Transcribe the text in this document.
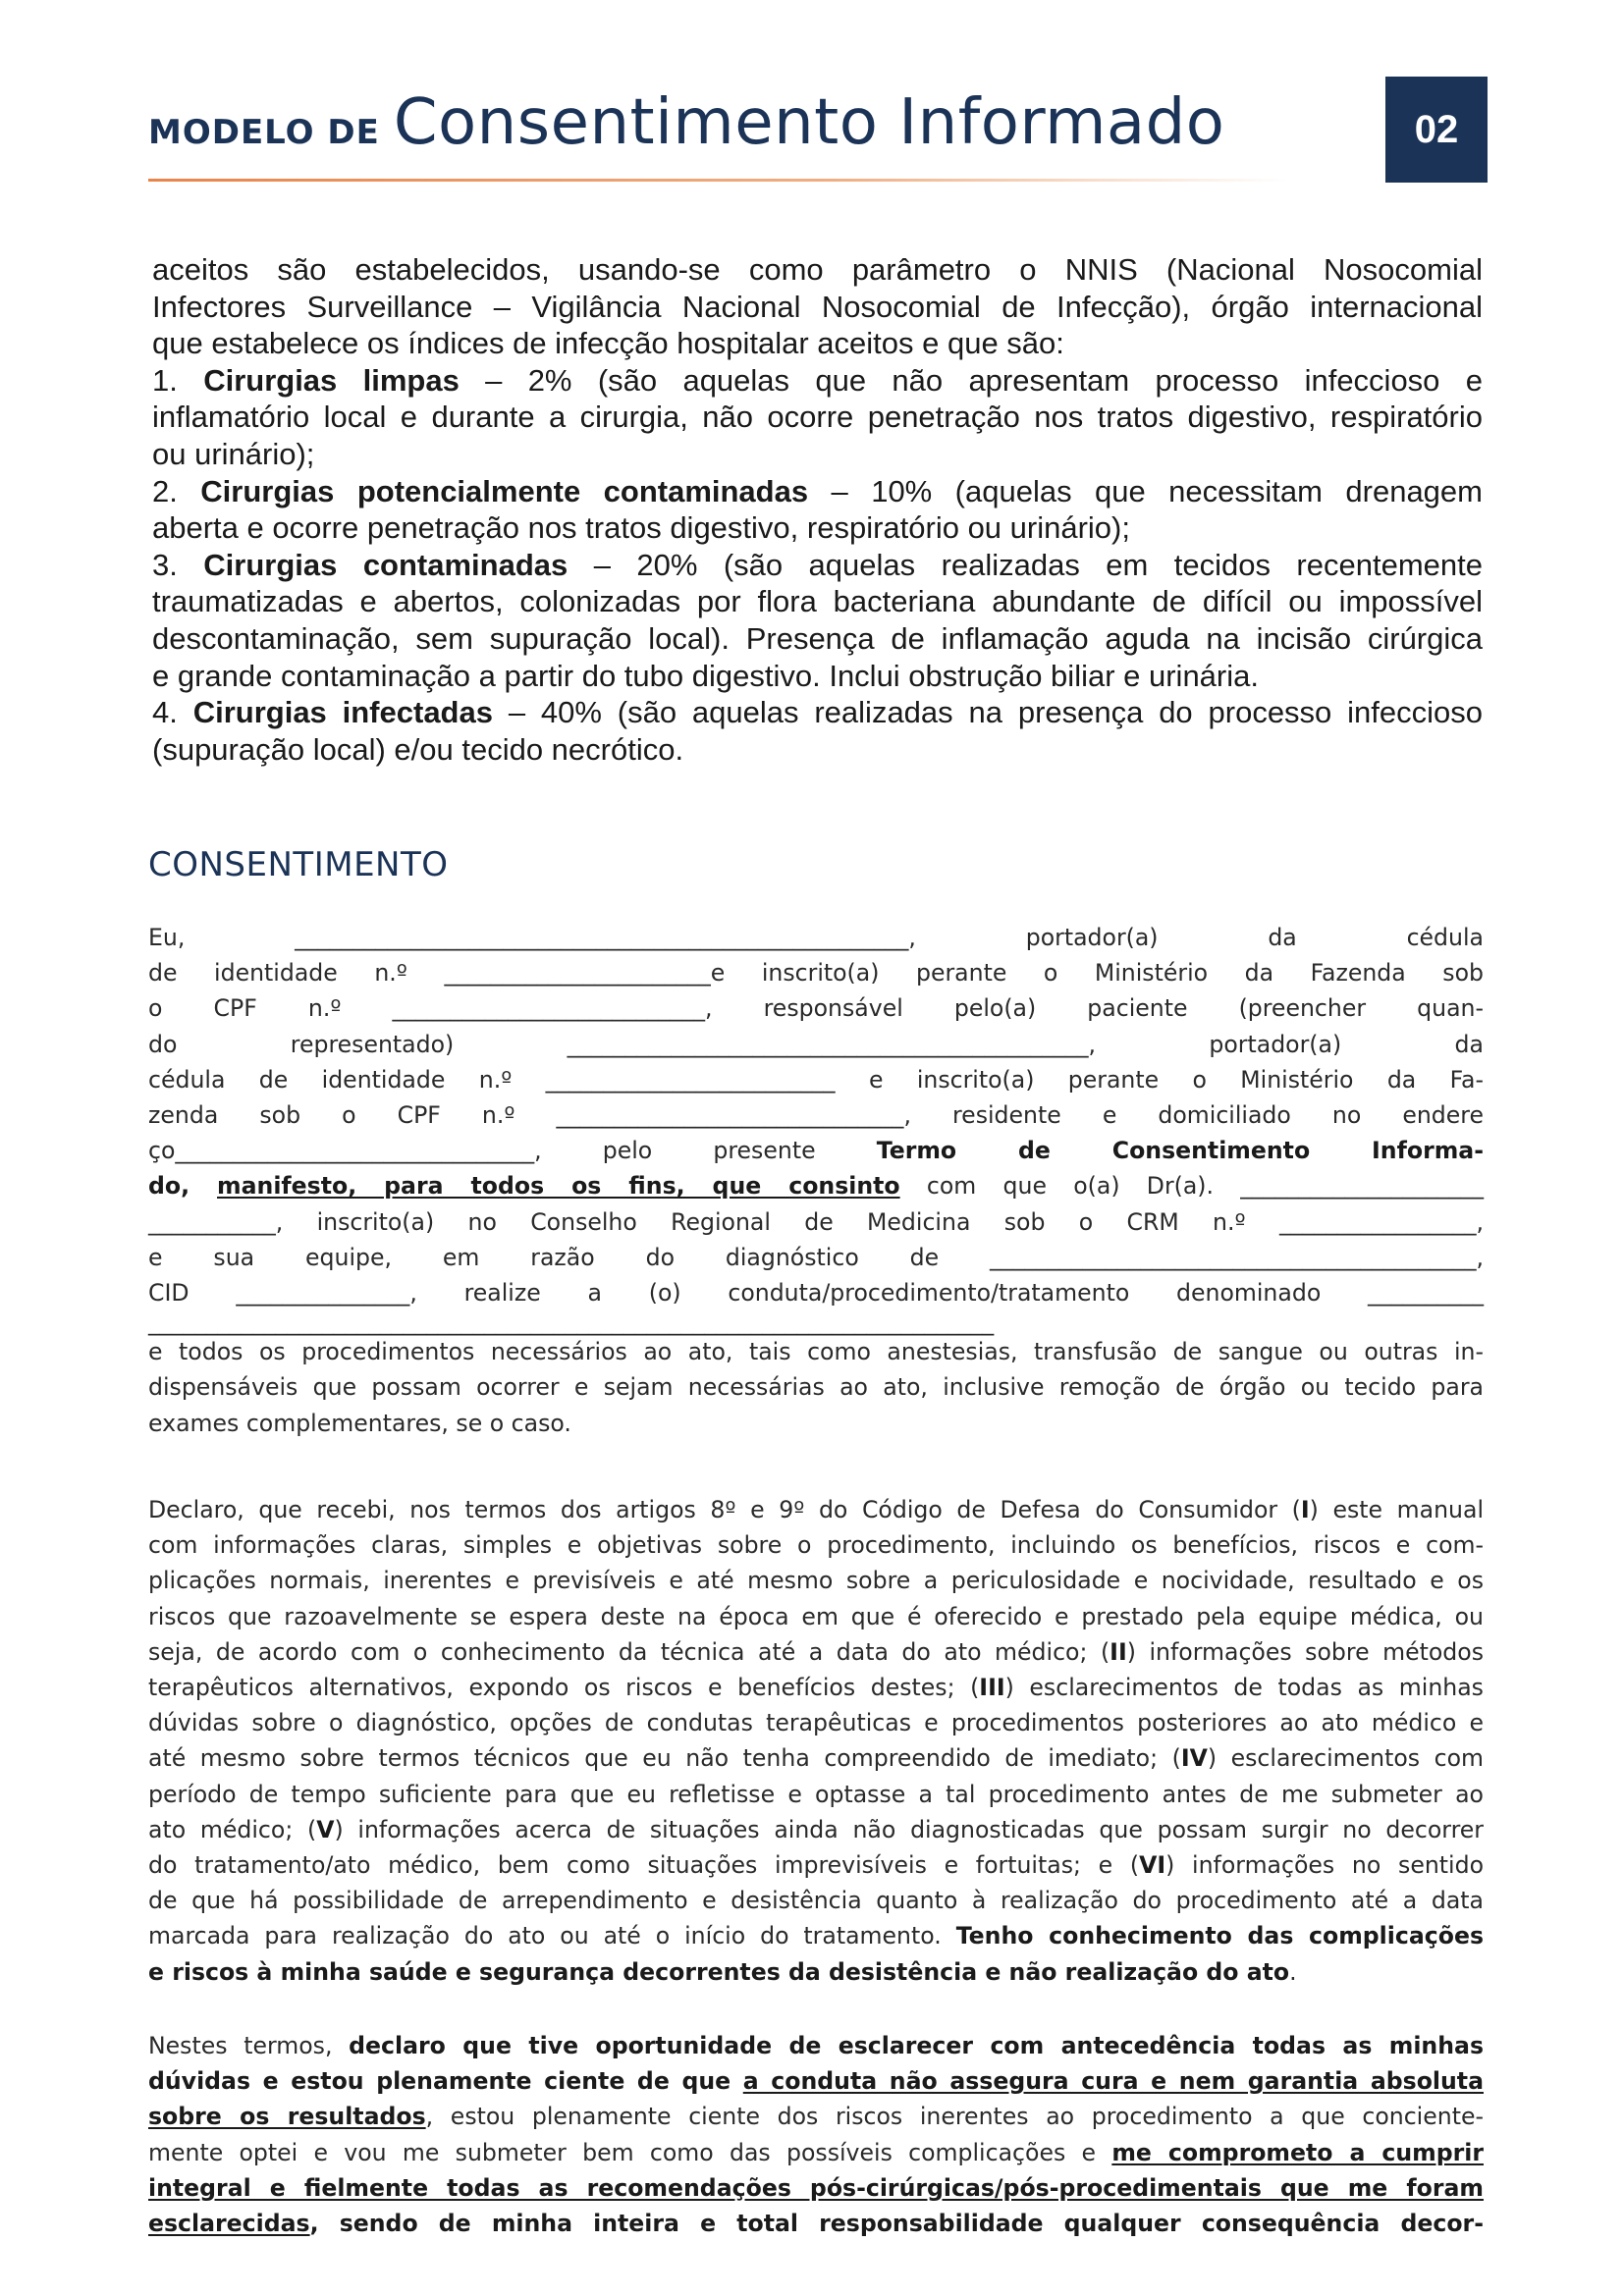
MODELO DE Consentimento Informado	02
aceitos são estabelecidos, usando-se como parâmetro o NNIS (Nacional Nosocomial
Infectores Surveillance – Vigilância Nacional Nosocomial de Infecção), órgão internacional
que estabelece os índices de infecção hospitalar aceitos e que são:
1. Cirurgias limpas – 2% (são aquelas que não apresentam processo infeccioso e
inflamatório local e durante a cirurgia, não ocorre penetração nos tratos digestivo, respiratório
ou urinário);
2. Cirurgias potencialmente contaminadas – 10% (aquelas que necessitam drenagem
aberta e ocorre penetração nos tratos digestivo, respiratório ou urinário);
3. Cirurgias contaminadas – 20% (são aquelas realizadas em tecidos recentemente
traumatizadas e abertos, colonizadas por flora bacteriana abundante de difícil ou impossível
descontaminação, sem supuração local). Presença de inflamação aguda na incisão cirúrgica
e grande contaminação a partir do tubo digestivo. Inclui obstrução biliar e urinária.
4. Cirurgias infectadas – 40% (são aquelas realizadas na presença do processo infeccioso
(supuração local) e/ou tecido necrótico.
CONSENTIMENTO
Eu, _____________________________________________________, portador(a) da cédula
de identidade n.º _______________________e inscrito(a) perante o Ministério da Fazenda sob
o CPF n.º ___________________________, responsável pelo(a) paciente (preencher quan-
do representado) _____________________________________________, portador(a) da
cédula de identidade n.º _________________________ e inscrito(a) perante o Ministério da Fa-
zenda sob o CPF n.º ______________________________, residente e domiciliado no endere
ço_______________________________, pelo presente Termo de Consentimento Informa-
do, manifesto, para todos os fins, que consinto com que o(a) Dr(a). _____________________
___________, inscrito(a) no Conselho Regional de Medicina sob o CRM n.º _________________,
e sua equipe, em razão do diagnóstico de __________________________________________,
CID _______________, realize a (o) conduta/procedimento/tratamento denominado __________
_________________________________________________________________________
e todos os procedimentos necessários ao ato, tais como anestesias, transfusão de sangue ou outras in-
dispensáveis que possam ocorrer e sejam necessárias ao ato, inclusive remoção de órgão ou tecido para
exames complementares, se o caso.
Declaro, que recebi, nos termos dos artigos 8º e 9º do Código de Defesa do Consumidor (I) este manual
com informações claras, simples e objetivas sobre o procedimento, incluindo os benefícios, riscos e com-
plicações normais, inerentes e previsíveis e até mesmo sobre a periculosidade e nocividade, resultado e os
riscos que razoavelmente se espera deste na época em que é oferecido e prestado pela equipe médica, ou
seja, de acordo com o conhecimento da técnica até a data do ato médico; (II) informações sobre métodos
terapêuticos alternativos, expondo os riscos e benefícios destes; (III) esclarecimentos de todas as minhas
dúvidas sobre o diagnóstico, opções de condutas terapêuticas e procedimentos posteriores ao ato médico e
até mesmo sobre termos técnicos que eu não tenha compreendido de imediato; (IV) esclarecimentos com
período de tempo suficiente para que eu refletisse e optasse a tal procedimento antes de me submeter ao
ato médico; (V) informações acerca de situações ainda não diagnosticadas que possam surgir no decorrer
do tratamento/ato médico, bem como situações imprevisíveis e fortuitas; e (VI) informações no sentido
de que há possibilidade de arrependimento e desistência quanto à realização do procedimento até a data
marcada para realização do ato ou até o início do tratamento. Tenho conhecimento das complicações
e riscos à minha saúde e segurança decorrentes da desistência e não realização do ato.
Nestes termos, declaro que tive oportunidade de esclarecer com antecedência todas as minhas
dúvidas e estou plenamente ciente de que a conduta não assegura cura e nem garantia absoluta
sobre os resultados, estou plenamente ciente dos riscos inerentes ao procedimento a que conciente-
mente optei e vou me submeter bem como das possíveis complicações e me comprometo a cumprir
integral e fielmente todas as recomendações pós-cirúrgicas/pós-procedimentais que me foram
esclarecidas, sendo de minha inteira e total responsabilidade qualquer consequência decor-
